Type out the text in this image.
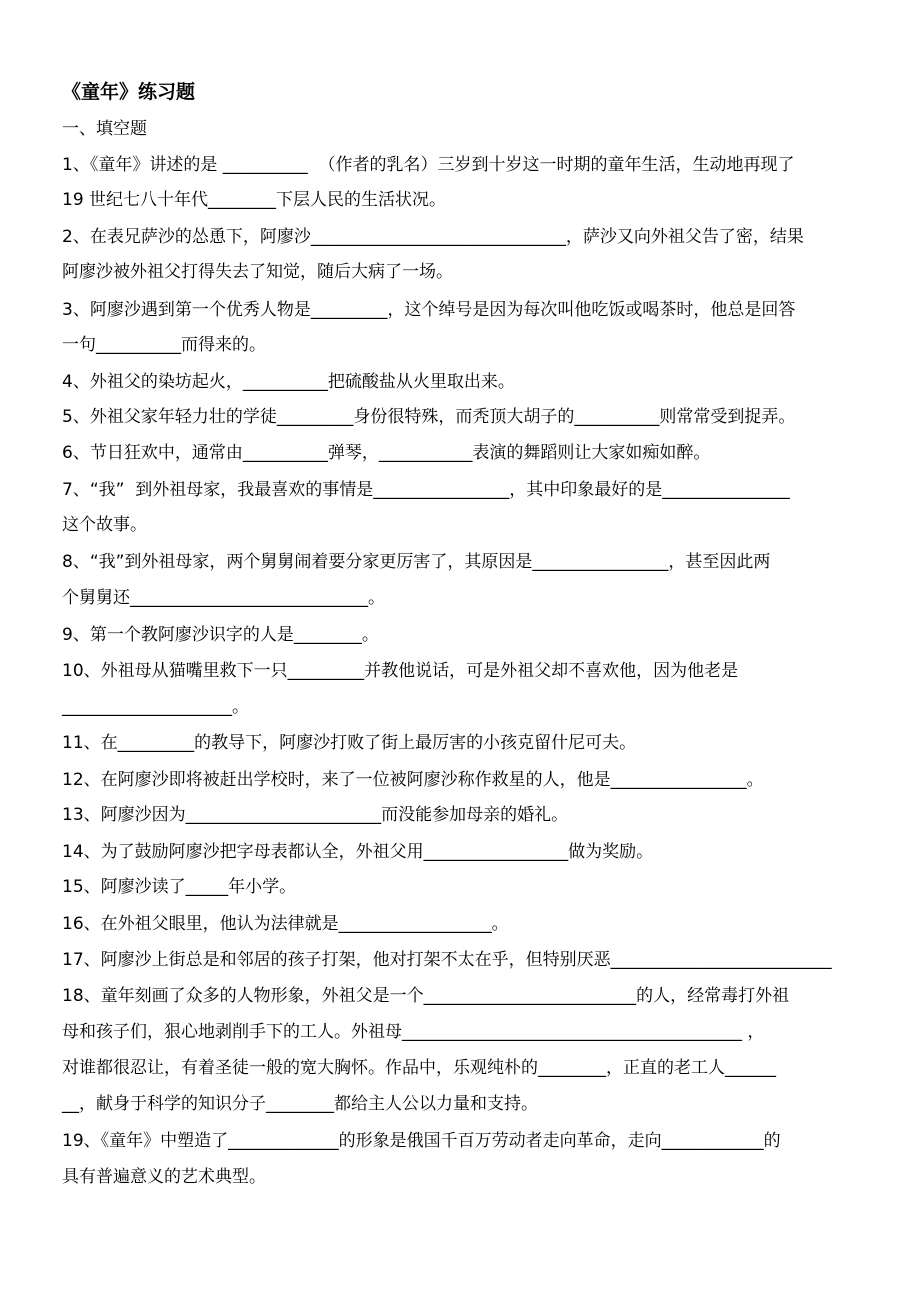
《童年》练习题
一、填空题
1、《童年》讲述的是 __________  （作者的乳名）三岁到十岁这一时期的童年生活，生动地再现了
19 世纪七八十年代________下层人民的生活状况。
2、在表兄萨沙的怂恿下，阿廖沙______________________________，萨沙又向外祖父告了密，结果
阿廖沙被外祖父打得失去了知觉，随后大病了一场。
3、阿廖沙遇到第一个优秀人物是_________，这个绰号是因为每次叫他吃饭或喝茶时，他总是回答
一句__________而得来的。
4、外祖父的染坊起火，__________把硫酸盐从火里取出来。
5、外祖父家年轻力壮的学徒_________身份很特殊，而秃顶大胡子的__________则常常受到捉弄。
6、节日狂欢中，通常由__________弹琴，___________表演的舞蹈则让大家如痴如醉。
7、“我”  到外祖母家，我最喜欢的事情是________________，其中印象最好的是_______________
这个故事。
8、“我”到外祖母家，两个舅舅闹着要分家更厉害了，其原因是________________，甚至因此两
个舅舅还____________________________。
9、第一个教阿廖沙识字的人是________。
10、外祖母从猫嘴里救下一只_________并教他说话，可是外祖父却不喜欢他，因为他老是
____________________。
11、在_________的教导下，阿廖沙打败了街上最厉害的小孩克留什尼可夫。
12、在阿廖沙即将被赶出学校时，来了一位被阿廖沙称作救星的人，他是________________。
13、阿廖沙因为_______________________而没能参加母亲的婚礼。
14、为了鼓励阿廖沙把字母表都认全，外祖父用_________________做为奖励。
15、阿廖沙读了_____年小学。
16、在外祖父眼里，他认为法律就是__________________。
17、阿廖沙上街总是和邻居的孩子打架，他对打架不太在乎，但特别厌恶__________________________
18、童年刻画了众多的人物形象，外祖父是一个_________________________的人，经常毒打外祖
母和孩子们，狠心地剥削手下的工人。外祖母________________________________________ ，
对谁都很忍让，有着圣徒一般的宽大胸怀。作品中，乐观纯朴的________，正直的老工人______
__，献身于科学的知识分子________都给主人公以力量和支持。
19、《童年》中塑造了_____________的形象是俄国千百万劳动者走向革命，走向____________的
具有普遍意义的艺术典型。
